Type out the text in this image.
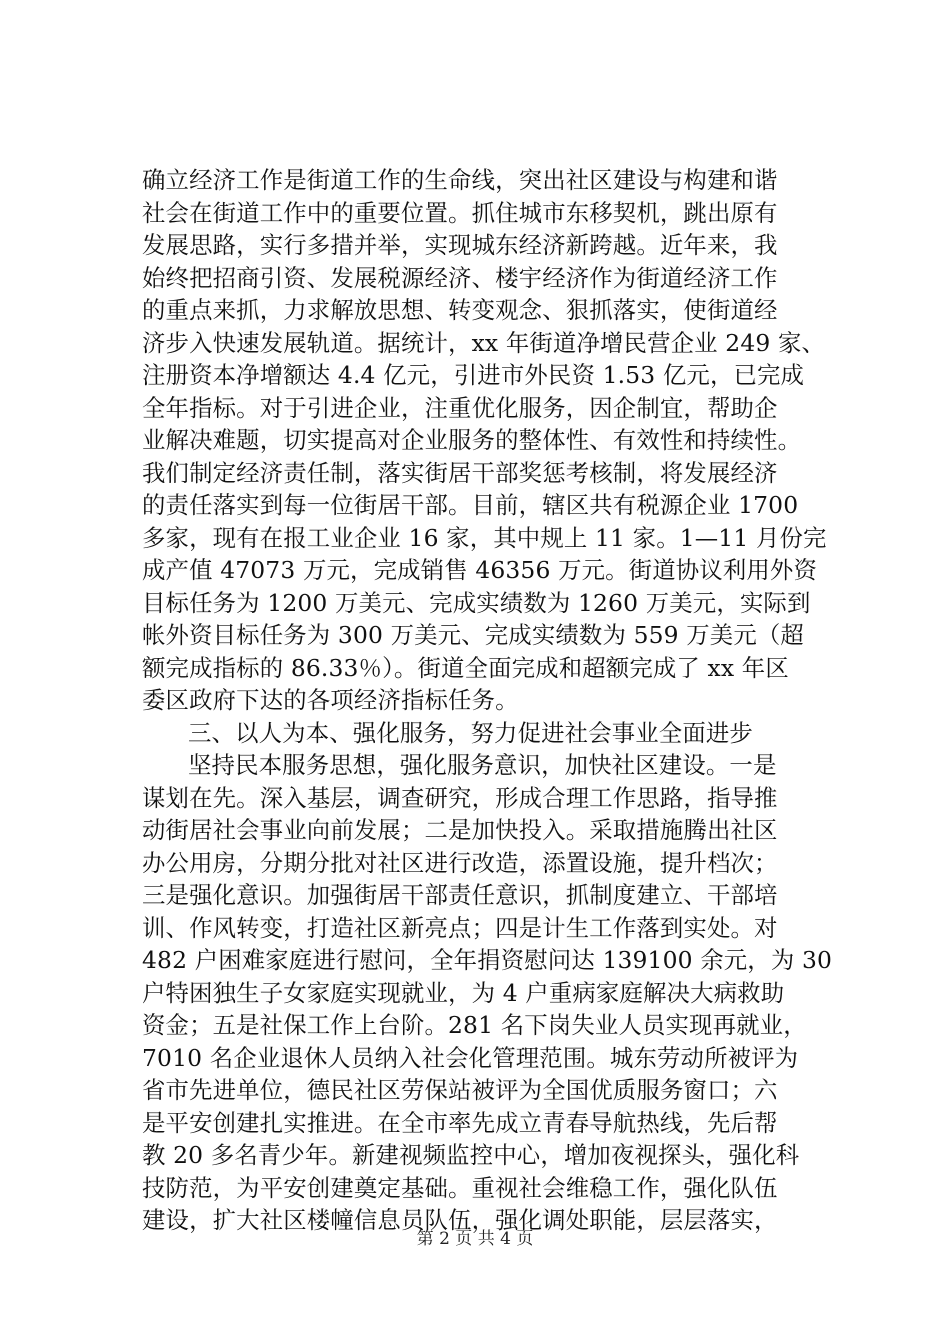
确立经济工作是街道工作的生命线，突出社区建设与构建和谐
社会在街道工作中的重要位置。抓住城市东移契机，跳出原有
发展思路，实行多措并举，实现城东经济新跨越。近年来，我
始终把招商引资、发展税源经济、楼宇经济作为街道经济工作
的重点来抓，力求解放思想、转变观念、狠抓落实，使街道经
济步入快速发展轨道。据统计，xx 年街道净增民营企业 249 家、
注册资本净增额达 4.4 亿元，引进市外民资 1.53 亿元，已完成
全年指标。对于引进企业，注重优化服务，因企制宜，帮助企
业解决难题，切实提高对企业服务的整体性、有效性和持续性。
我们制定经济责任制，落实街居干部奖惩考核制，将发展经济
的责任落实到每一位街居干部。目前，辖区共有税源企业 1700
多家，现有在报工业企业 16 家，其中规上 11 家。1—11 月份完
成产值 47073 万元，完成销售 46356 万元。街道协议利用外资
目标任务为 1200 万美元、完成实绩数为 1260 万美元，实际到
帐外资目标任务为 300 万美元、完成实绩数为 559 万美元（超
额完成指标的 86.33％）。街道全面完成和超额完成了 xx 年区
委区政府下达的各项经济指标任务。
三、以人为本、强化服务，努力促进社会事业全面进步
坚持民本服务思想，强化服务意识，加快社区建设。一是
谋划在先。深入基层，调查研究，形成合理工作思路，指导推
动街居社会事业向前发展；二是加快投入。采取措施腾出社区
办公用房，分期分批对社区进行改造，添置设施，提升档次；
三是强化意识。加强街居干部责任意识，抓制度建立、干部培
训、作风转变，打造社区新亮点；四是计生工作落到实处。对
482 户困难家庭进行慰问，全年捐资慰问达 139100 余元，为 30
户特困独生子女家庭实现就业，为 4 户重病家庭解决大病救助
资金；五是社保工作上台阶。281 名下岗失业人员实现再就业，
7010 名企业退休人员纳入社会化管理范围。城东劳动所被评为
省市先进单位，德民社区劳保站被评为全国优质服务窗口；六
是平安创建扎实推进。在全市率先成立青春导航热线，先后帮
教 20 多名青少年。新建视频监控中心，增加夜视探头，强化科
技防范，为平安创建奠定基础。重视社会维稳工作，强化队伍
建设，扩大社区楼幢信息员队伍，强化调处职能，层层落实，
第 2 页 共 4 页
